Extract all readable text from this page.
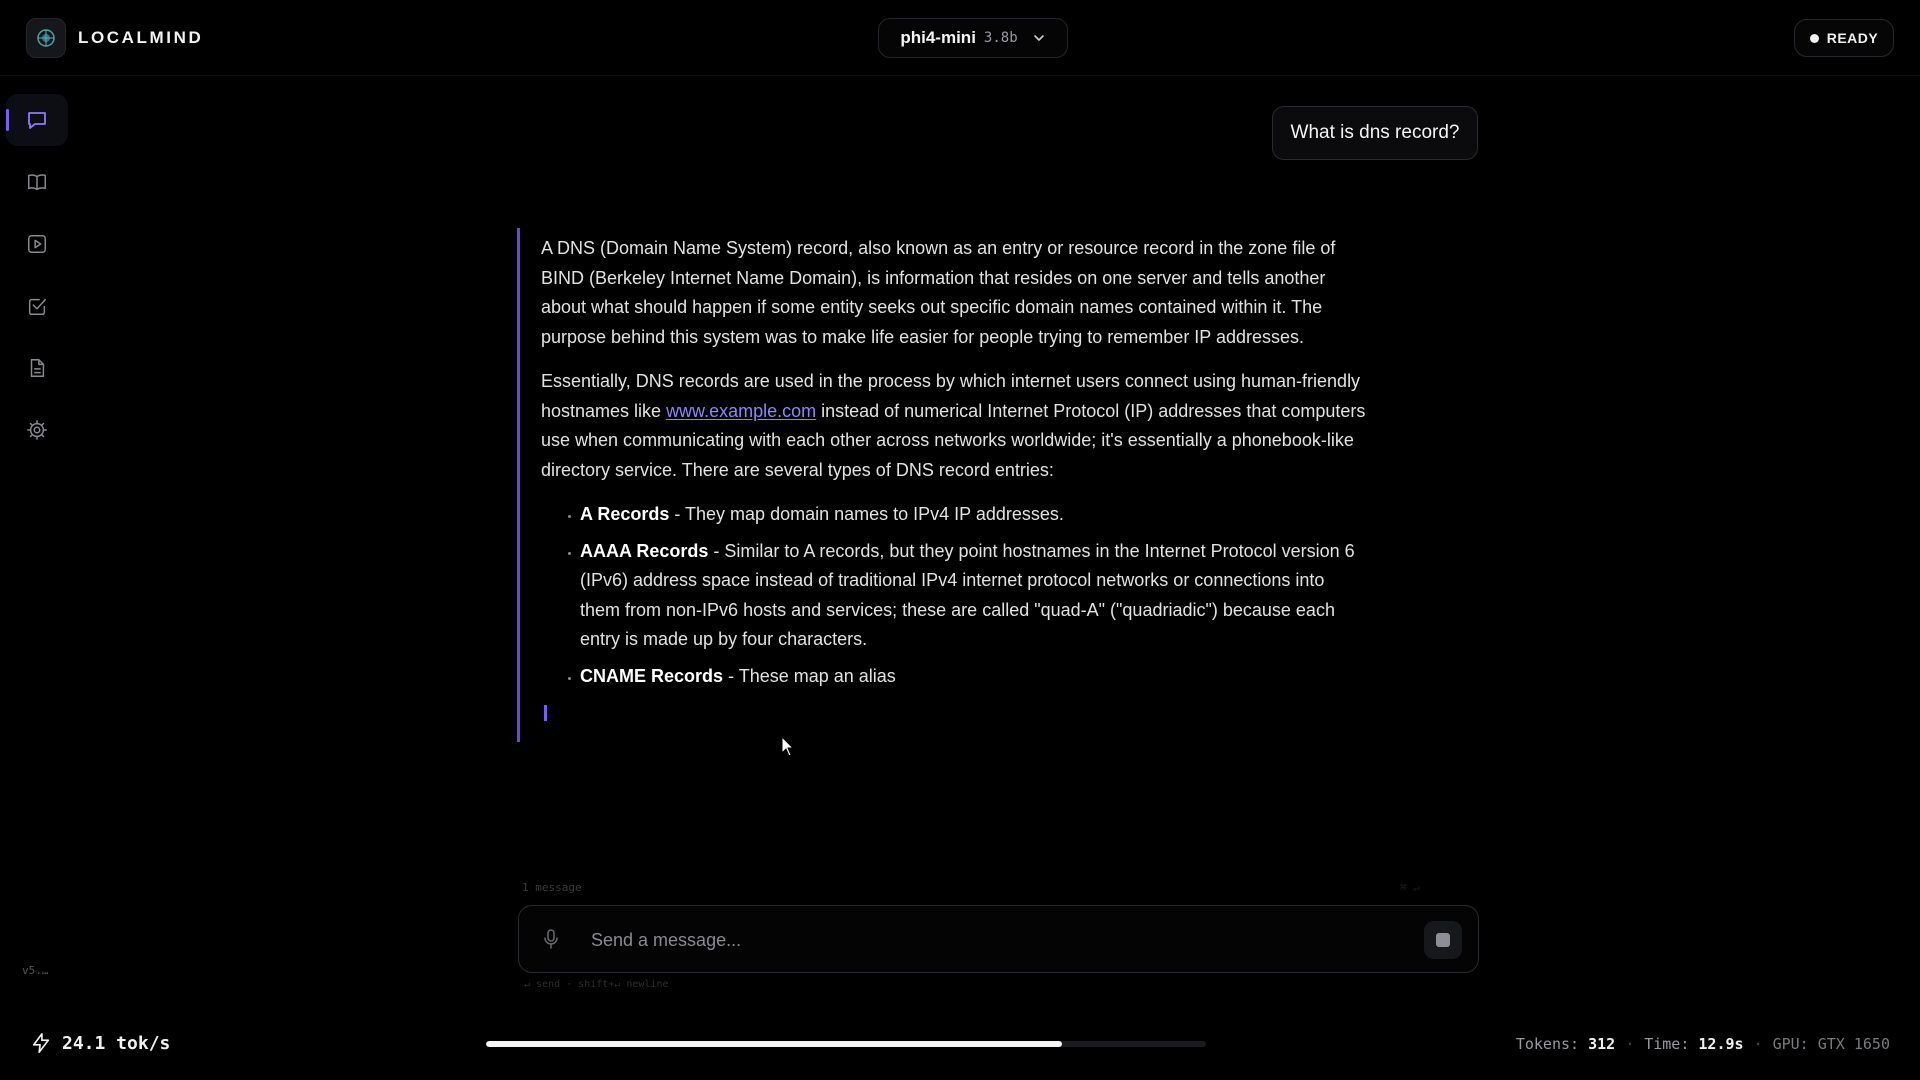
LOCALMIND	phi4-mini 3.8b	READY
v5.…
What is dns record?

A DNS (Domain Name System) record, also known as an entry or resource record in the zone file of BIND (Berkeley Internet Name Domain), is information that resides on one server and tells another about what should happen if some entity seeks out specific domain names contained within it. The purpose behind this system was to make life easier for people trying to remember IP addresses.

Essentially, DNS records are used in the process by which internet users connect using human-friendly hostnames like www.example.com instead of numerical Internet Protocol (IP) addresses that computers use when communicating with each other across networks worldwide; it's essentially a phonebook-like directory service. There are several types of DNS record entries:

A Records - They map domain names to IPv4 IP addresses.
AAAA Records - Similar to A records, but they point hostnames in the Internet Protocol version 6 (IPv6) address space instead of traditional IPv4 internet protocol networks or connections into them from non-IPv6 hosts and services; these are called "quad-A" ("quadriadic") because each entry is made up by four characters.
CNAME Records - These map an alias
1 message	⌘ ↵
Send a message...
↵ send · shift+↵ newline
24.1 tok/s	Tokens: 312 · Time: 12.9s · GPU: GTX 1650
